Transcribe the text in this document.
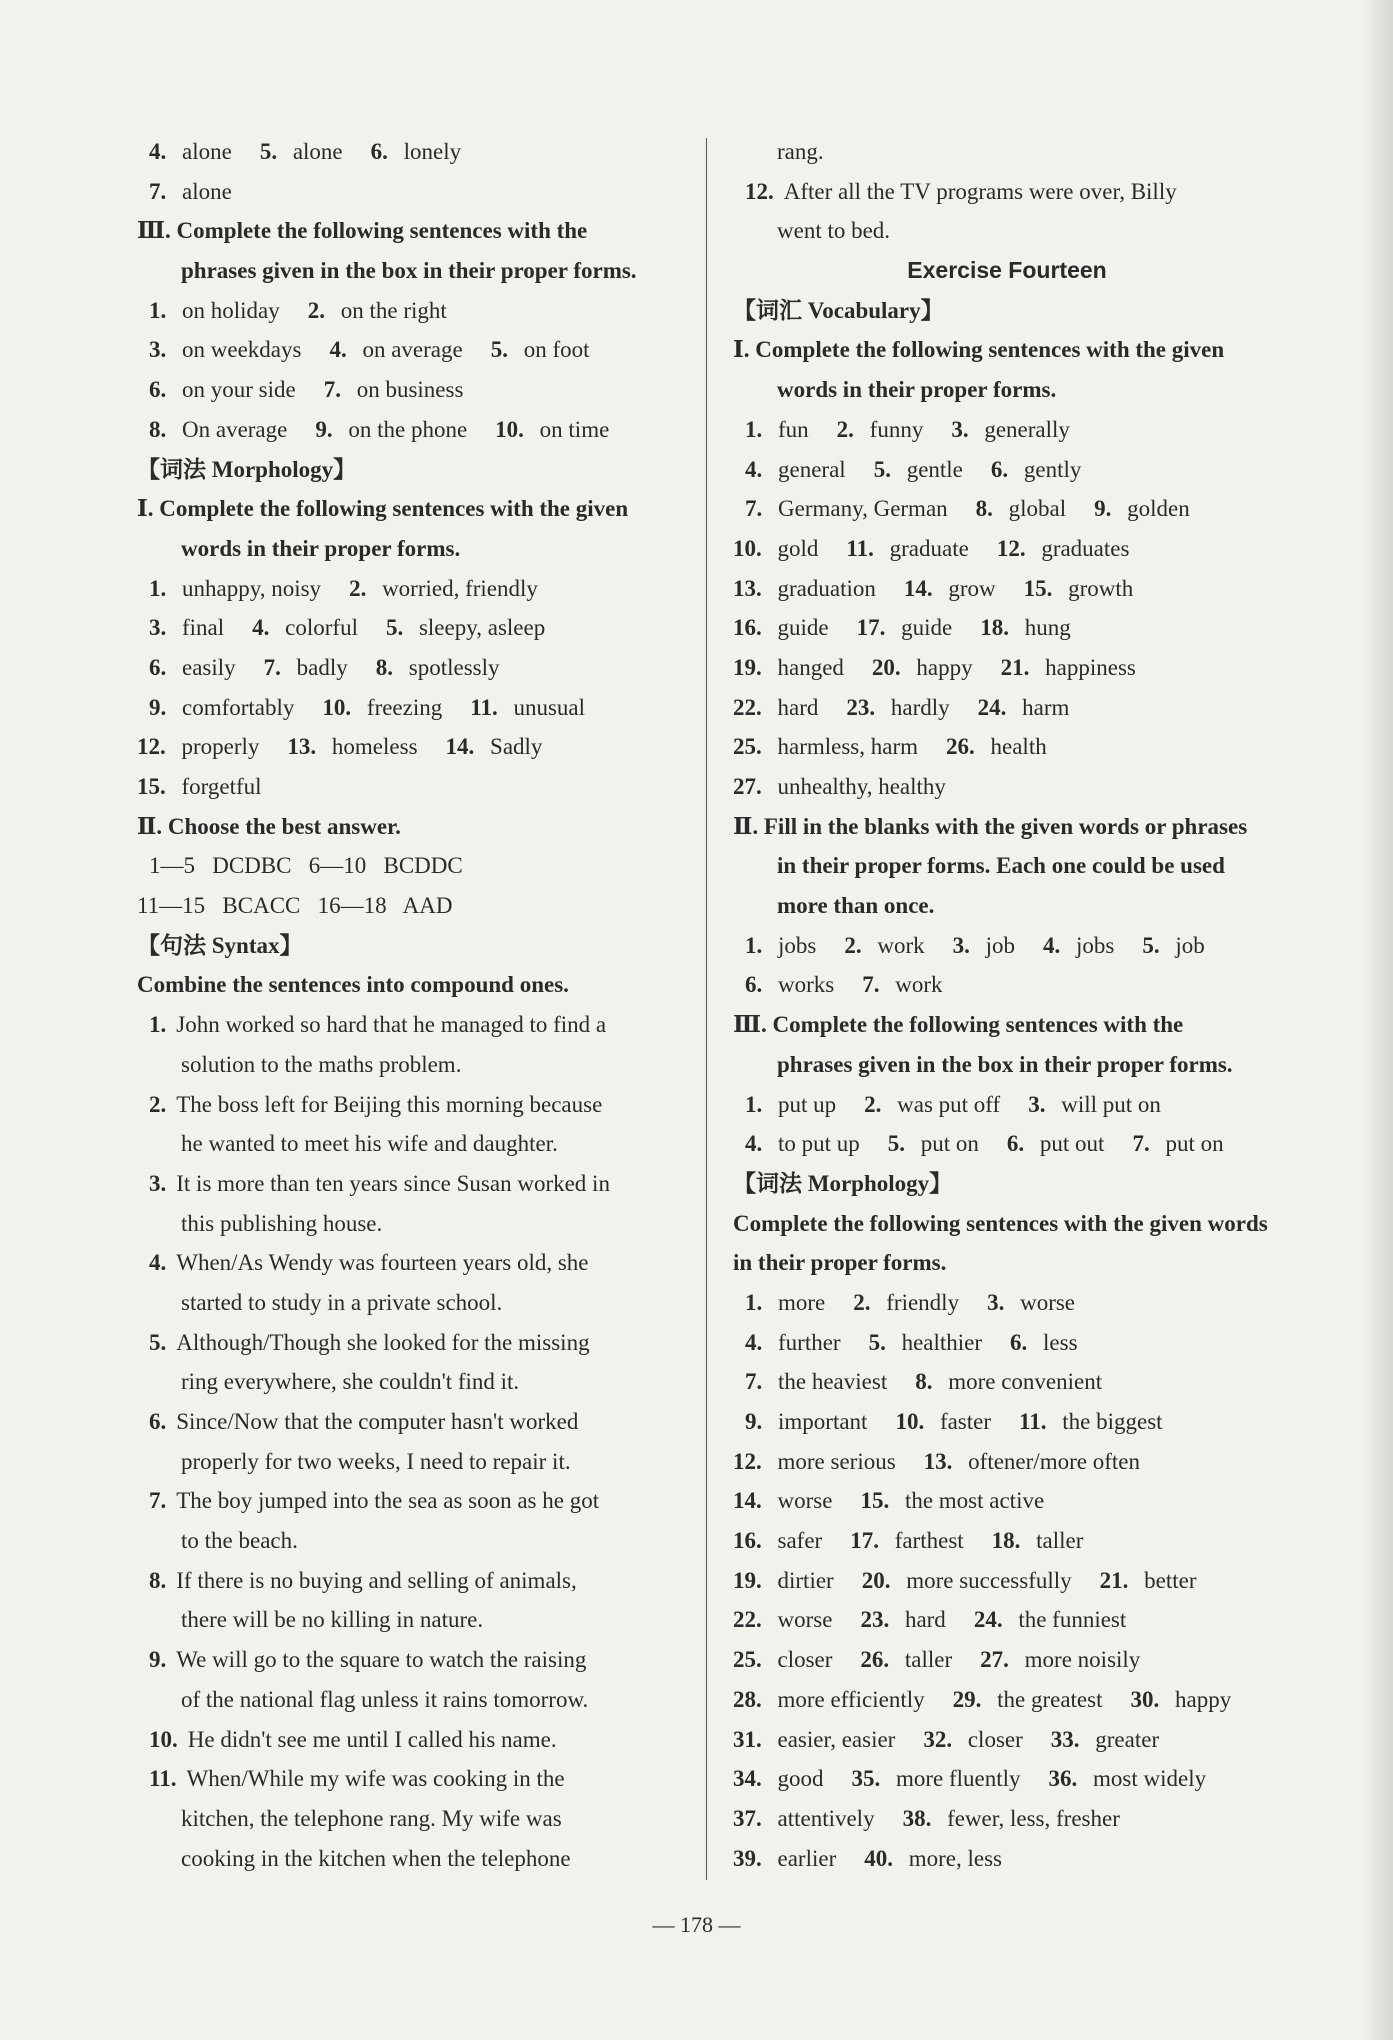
4. alone 5. alone 6. lonely
7. alone
Ⅲ. Complete the following sentences with the
phrases given in the box in their proper forms.
1. on holiday 2. on the right
3. on weekdays 4. on average 5. on foot
6. on your side 7. on business
8. On average 9. on the phone 10. on time
【词法 Morphology】
Ⅰ. Complete the following sentences with the given
words in their proper forms.
1. unhappy, noisy 2. worried, friendly
3. final 4. colorful 5. sleepy, asleep
6. easily 7. badly 8. spotlessly
9. comfortably 10. freezing 11. unusual
12. properly 13. homeless 14. Sadly
15. forgetful
Ⅱ. Choose the best answer.
1—5   DCDBC   6—10   BCDDC
11—15   BCACC   16—18   AAD
【句法 Syntax】
Combine the sentences into compound ones.
1. John worked so hard that he managed to find a
solution to the maths problem.
2. The boss left for Beijing this morning because
he wanted to meet his wife and daughter.
3. It is more than ten years since Susan worked in
this publishing house.
4. When/As Wendy was fourteen years old, she
started to study in a private school.
5. Although/Though she looked for the missing
ring everywhere, she couldn't find it.
6. Since/Now that the computer hasn't worked
properly for two weeks, I need to repair it.
7. The boy jumped into the sea as soon as he got
to the beach.
8. If there is no buying and selling of animals,
there will be no killing in nature.
9. We will go to the square to watch the raising
of the national flag unless it rains tomorrow.
10. He didn't see me until I called his name.
11. When/While my wife was cooking in the
kitchen, the telephone rang. My wife was
cooking in the kitchen when the telephone
rang.
12. After all the TV programs were over, Billy
went to bed.
Exercise Fourteen
【词汇 Vocabulary】
Ⅰ. Complete the following sentences with the given
words in their proper forms.
1. fun 2. funny 3. generally
4. general 5. gentle 6. gently
7. Germany, German 8. global 9. golden
10. gold 11. graduate 12. graduates
13. graduation 14. grow 15. growth
16. guide 17. guide 18. hung
19. hanged 20. happy 21. happiness
22. hard 23. hardly 24. harm
25. harmless, harm 26. health
27. unhealthy, healthy
Ⅱ. Fill in the blanks with the given words or phrases
in their proper forms. Each one could be used
more than once.
1. jobs 2. work 3. job 4. jobs 5. job
6. works 7. work
Ⅲ. Complete the following sentences with the
phrases given in the box in their proper forms.
1. put up 2. was put off 3. will put on
4. to put up 5. put on 6. put out 7. put on
【词法 Morphology】
Complete the following sentences with the given words
in their proper forms.
1. more 2. friendly 3. worse
4. further 5. healthier 6. less
7. the heaviest 8. more convenient
9. important 10. faster 11. the biggest
12. more serious 13. oftener/more often
14. worse 15. the most active
16. safer 17. farthest 18. taller
19. dirtier 20. more successfully 21. better
22. worse 23. hard 24. the funniest
25. closer 26. taller 27. more noisily
28. more efficiently 29. the greatest 30. happy
31. easier, easier 32. closer 33. greater
34. good 35. more fluently 36. most widely
37. attentively 38. fewer, less, fresher
39. earlier 40. more, less
— 178 —
